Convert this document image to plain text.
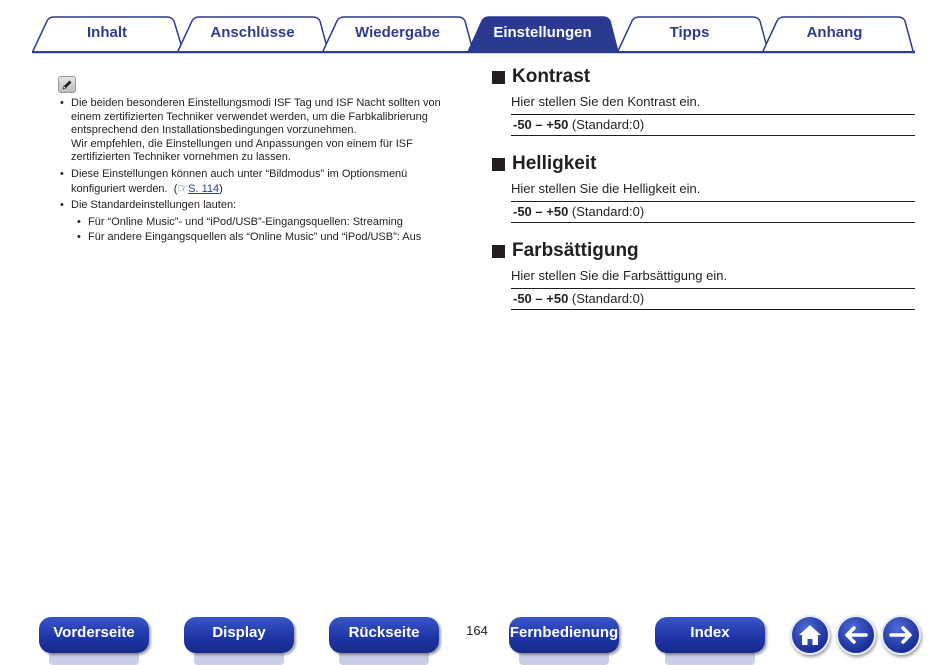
Inhalt	Anschlüsse	Wiedergabe	Einstellungen	Tipps	Anhang
• Die beiden besonderen Einstellungsmodi ISF Tag und ISF Nacht sollten von
einem zertifizierten Techniker verwendet werden, um die Farbkalibrierung
entsprechend den Installationsbedingungen vorzunehmen.
Wir empfehlen, die Einstellungen und Anpassungen von einem für ISF
zertifizierten Techniker vornehmen zu lassen.
• Diese Einstellungen können auch unter “Bildmodus” im Optionsmenü
konfiguriert werden. (☞S. 114)
• Die Standardeinstellungen lauten:
• Für “Online Music”- und “iPod/USB”-Eingangsquellen: Streaming
• Für andere Eingangsquellen als “Online Music” und “iPod/USB”: Aus
Kontrast
Hier stellen Sie den Kontrast ein.
-50 – +50 (Standard:0)
Helligkeit
Hier stellen Sie die Helligkeit ein.
-50 – +50 (Standard:0)
Farbsättigung
Hier stellen Sie die Farbsättigung ein.
-50 – +50 (Standard:0)
Vorderseite	Display	Rückseite	164 Fernbedienung	Index
